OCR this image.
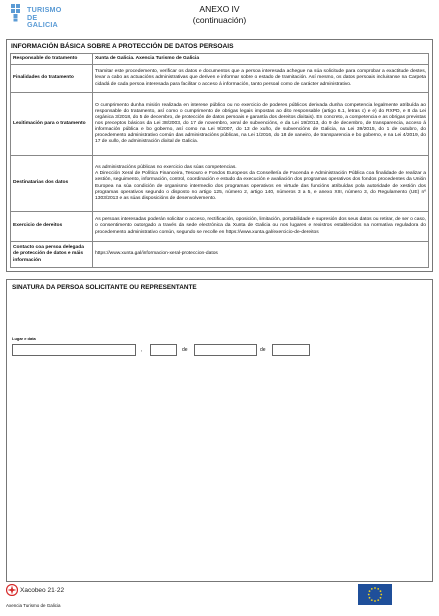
TURISMO
DE
GALICIA
ANEXO IV
(continuación)
INFORMACIÓN BÁSICA SOBRE A PROTECCIÓN DE DATOS PERSOAIS
Responsable do tratamento	Xunta de Galicia. Axencia Turismo de Galicia
Finalidades do tratamento	Tramitar este procedemento, verificar os datos e documentos que a persoa interesada achegue na súa solicitude para comprobar a exactitude destes, levar a cabo as actuacións administrativas que deriven e informar sobre o estado de tramitación. Así mesmo, os datos persoais incluiranse na Carpeta cidadá de cada persoa interesada para facilitar o acceso á información, tanto persoal como de carácter administrativo.
Lexitimación para o tratamento	O cumprimento dunha misión realizada en interese público ou no exercicio de poderes públicos derivada dunha competencia legalmente atribuída ao responsable do tratamento, así como o cumprimento de obrigas legais impostas ao dito responsable (artigo 6.1, letras c) e e) do RXPD, e 8 da Lei orgánica 3/2018, do 5 de decembro, de protección de datos persoais e garantía dos dereitos dixitais). En concreto, a competencia e as obrigas previstas nos preceptos básicos da Lei 38/2003, do 17 de novembro, xeral de subvencións, e da Lei 19/2013, do 9 de decembro, de transparencia, acceso á información pública e bo goberno, así como na Lei 9/2007, do 13 de xuño, de subvencións de Galicia, na Lei 39/2015, do 1 de outubro, do procedemento administrativo común das administracións públicas, na Lei 1/2016, do 18 de xaneiro, de transparencia e bo goberno, e na Lei 4/2019, do 17 de xullo, de administración dixital de Galicia.
Destinatarias dos datos	As administracións públicas no exercicio das súas competencias.
A Dirección Xeral de Política Financeira, Tesouro e Fondos Europeos da Consellería de Facenda e Administración Pública coa finalidade de realizar a xestión, seguimento, información, control, coordinación e estudo da execución e avaliación dos programas operativos dos fondos procedentes da Unión Europea na súa condición de organismo intermedio dos programas operativos en virtude das funcións atribuídas pola autoridade de xestión dos programas operativos segundo o disposto no artigo 125, número 2, artigo 140, números 3 a 5, e anexo XIII, número 3, do Regulamento (UE) nº 1303/2013 e as súas disposicións de desenvolvemento.
Exercicio de dereitos	As persoas interesadas poderán solicitar o acceso, rectificación, oposición, limitación, portabilidade e supresión dos seus datos ou retirar, de ser o caso, o consentimento outorgado a través da sede electrónica da Xunta de Galicia ou nos lugares e rexistros establecidos na normativa reguladora do procedemento administrativo común, segundo se recolle en https://www.xunta.gal/exercicio-de-dereitos
Contacto coa persoa delegada de protección de datos e máis información	https://www.xunta.gal/informacion-xeral-proteccion-datos
SINATURA DA PERSOA SOLICITANTE OU REPRESENTANTE
Lugar e data
,	de	de
Xacobeo 21·22
Axencia Turismo de Galicia
